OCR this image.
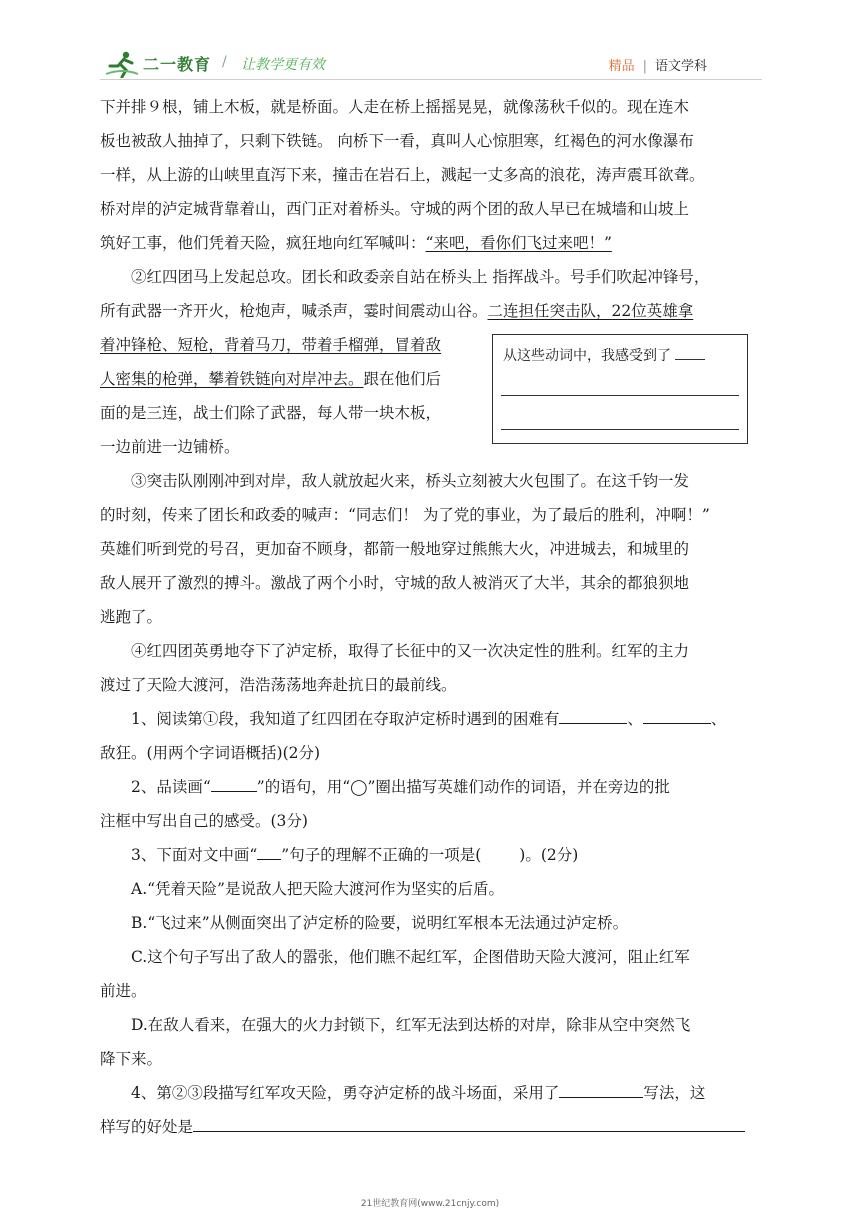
二一教育 / 让教学更有效	精品 | 语文学科

下并排９根，铺上木板，就是桥面。人走在桥上摇摇晃晃，就像荡秋千似的。现在连木

板也被敌人抽掉了，只剩下铁链。 向桥下一看，真叫人心惊胆寒，红褐色的河水像瀑布

一样，从上游的山峡里直泻下来，撞击在岩石上，溅起一丈多高的浪花，涛声震耳欲聋。

桥对岸的泸定城背靠着山，西门正对着桥头。守城的两个团的敌人早已在城墙和山坡上

筑好工事，他们凭着天险，疯狂地向红军喊叫：“来吧，看你们飞过来吧！”

②红四团马上发起总攻。团长和政委亲自站在桥头上 指挥战斗。号手们吹起冲锋号，

所有武器一齐开火，枪炮声，喊杀声，霎时间震动山谷。二连担任突击队，22位英雄拿

着冲锋枪、短枪，背着马刀，带着手榴弹，冒着敌

人密集的枪弹，攀着铁链向对岸冲去。跟在他们后

面的是三连，战士们除了武器，每人带一块木板，

一边前进一边铺桥。

从这些动词中，我感受到了

③突击队刚刚冲到对岸，敌人就放起火来，桥头立刻被大火包围了。在这千钧一发

的时刻，传来了团长和政委的喊声：“同志们！ 为了党的事业，为了最后的胜利，冲啊！”

英雄们听到党的号召，更加奋不顾身，都箭一般地穿过熊熊大火，冲进城去，和城里的

敌人展开了激烈的搏斗。激战了两个小时，守城的敌人被消灭了大半，其余的都狼狈地

逃跑了。

④红四团英勇地夺下了泸定桥，取得了长征中的又一次决定性的胜利。红军的主力

渡过了天险大渡河，浩浩荡荡地奔赴抗日的最前线。

1、阅读第①段，我知道了红四团在夺取泸定桥时遇到的困难有	、	、

敌狂。(用两个字词语概括)(2分)

2、品读画“	”的语句，用“◯”圈出描写英雄们动作的词语，并在旁边的批

注框中写出自己的感受。(3分)

3、下面对文中画“ ”句子的理解不正确的一项是( )。(2分)

A.“凭着天险”是说敌人把天险大渡河作为坚实的后盾。

B.“飞过来”从侧面突出了泸定桥的险要，说明红军根本无法通过泸定桥。

C.这个句子写出了敌人的嚣张，他们瞧不起红军，企图借助天险大渡河，阻止红军

前进。

D.在敌人看来，在强大的火力封锁下，红军无法到达桥的对岸，除非从空中突然飞

降下来。

4、第②③段描写红军攻天险，勇夺泸定桥的战斗场面，采用了	写法，这

样写的好处是

21世纪教育网(www.21cnjy.com)
